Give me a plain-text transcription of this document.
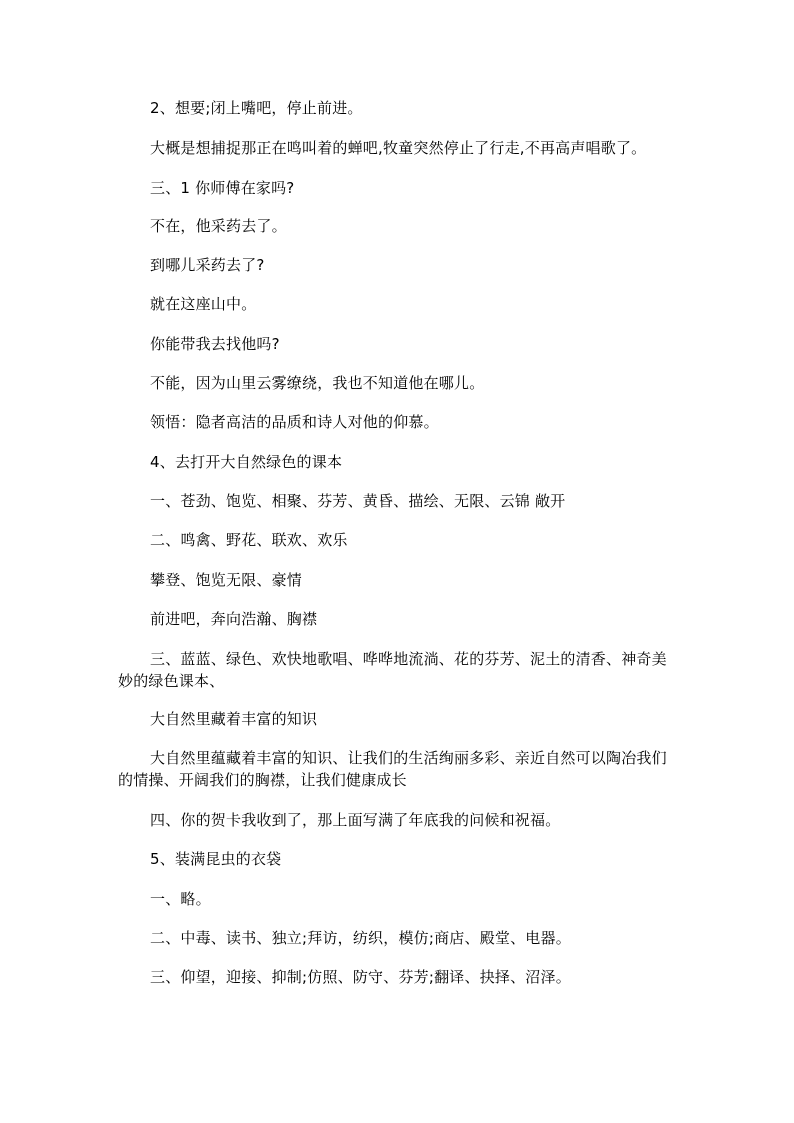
2、想要;闭上嘴吧，停止前进。
大概是想捕捉那正在鸣叫着的蝉吧,牧童突然停止了行走,不再高声唱歌了。
三、1 你师傅在家吗?
不在，他采药去了。
到哪儿采药去了?
就在这座山中。
你能带我去找他吗?
不能，因为山里云雾缭绕，我也不知道他在哪儿。
领悟：隐者高洁的品质和诗人对他的仰慕。
4、去打开大自然绿色的课本
一、苍劲、饱览、相聚、芬芳、黄昏、描绘、无限、云锦 敞开
二、鸣禽、野花、联欢、欢乐
攀登、饱览无限、豪情
前进吧，奔向浩瀚、胸襟
三、蓝蓝、绿色、欢快地歌唱、哗哗地流淌、花的芬芳、泥土的清香、神奇美妙的绿色课本、
大自然里藏着丰富的知识
大自然里蕴藏着丰富的知识、让我们的生活绚丽多彩、亲近自然可以陶冶我们的情操、开阔我们的胸襟，让我们健康成长
四、你的贺卡我收到了，那上面写满了年底我的问候和祝福。
5、装满昆虫的衣袋
一、略。
二、中毒、读书、独立;拜访，纺织，模仿;商店、殿堂、电器。
三、仰望，迎接、抑制;仿照、防守、芬芳;翻译、抉择、沼泽。
